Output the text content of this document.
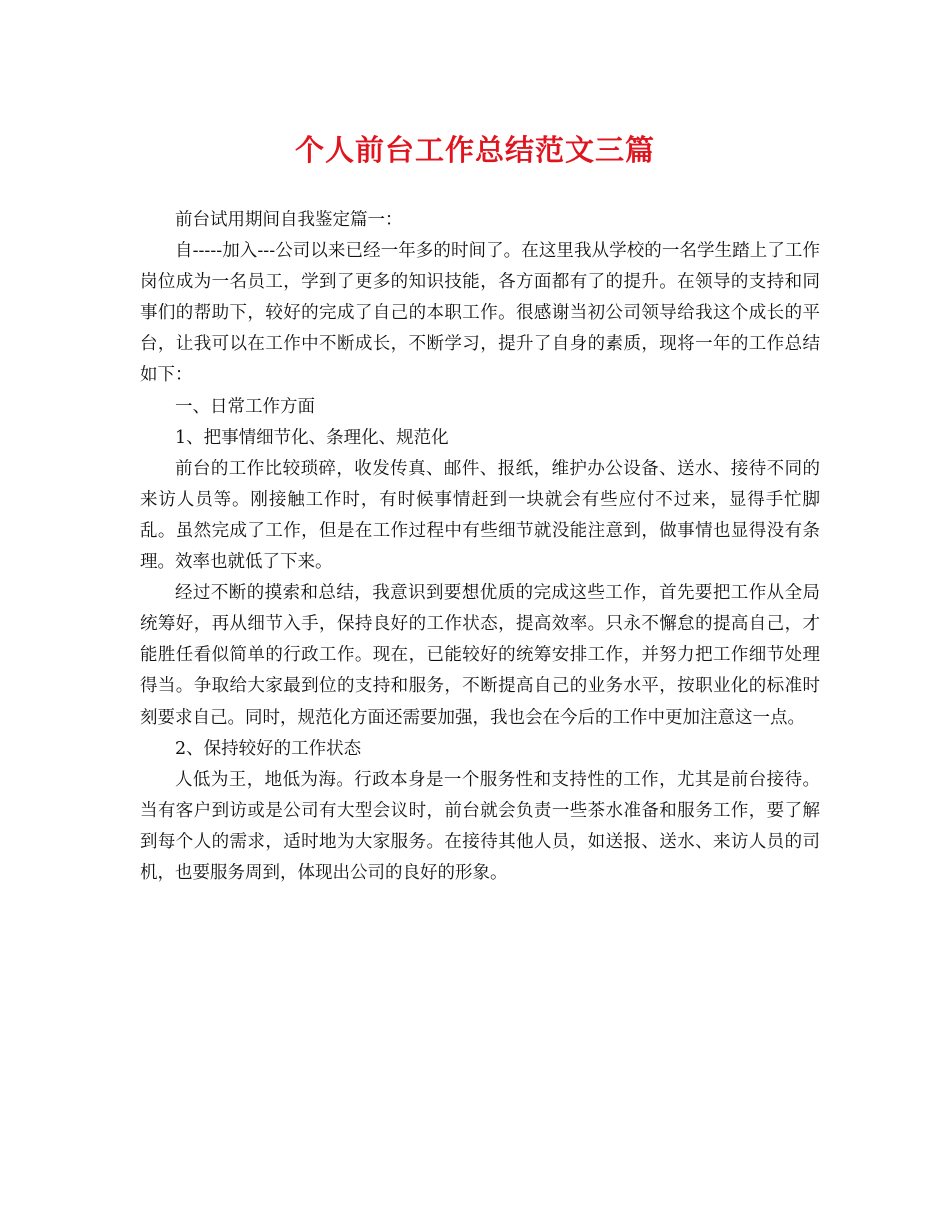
个人前台工作总结范文三篇

前台试用期间自我鉴定篇一：

自-----加入---公司以来已经一年多的时间了。在这里我从学校的一名学生踏上了工作岗位成为一名员工，学到了更多的知识技能，各方面都有了的提升。在领导的支持和同事们的帮助下，较好的完成了自己的本职工作。很感谢当初公司领导给我这个成长的平台，让我可以在工作中不断成长，不断学习，提升了自身的素质，现将一年的工作总结如下：

一、日常工作方面

1、把事情细节化、条理化、规范化

前台的工作比较琐碎，收发传真、邮件、报纸，维护办公设备、送水、接待不同的来访人员等。刚接触工作时，有时候事情赶到一块就会有些应付不过来，显得手忙脚乱。虽然完成了工作，但是在工作过程中有些细节就没能注意到，做事情也显得没有条理。效率也就低了下来。

经过不断的摸索和总结，我意识到要想优质的完成这些工作，首先要把工作从全局统筹好，再从细节入手，保持良好的工作状态，提高效率。只永不懈怠的提高自己，才能胜任看似简单的行政工作。现在，已能较好的统筹安排工作，并努力把工作细节处理得当。争取给大家最到位的支持和服务，不断提高自己的业务水平，按职业化的标准时刻要求自己。同时，规范化方面还需要加强，我也会在今后的工作中更加注意这一点。

2、保持较好的工作状态

人低为王，地低为海。行政本身是一个服务性和支持性的工作，尤其是前台接待。当有客户到访或是公司有大型会议时，前台就会负责一些茶水准备和服务工作，要了解到每个人的需求，适时地为大家服务。在接待其他人员，如送报、送水、来访人员的司机，也要服务周到，体现出公司的良好的形象。
